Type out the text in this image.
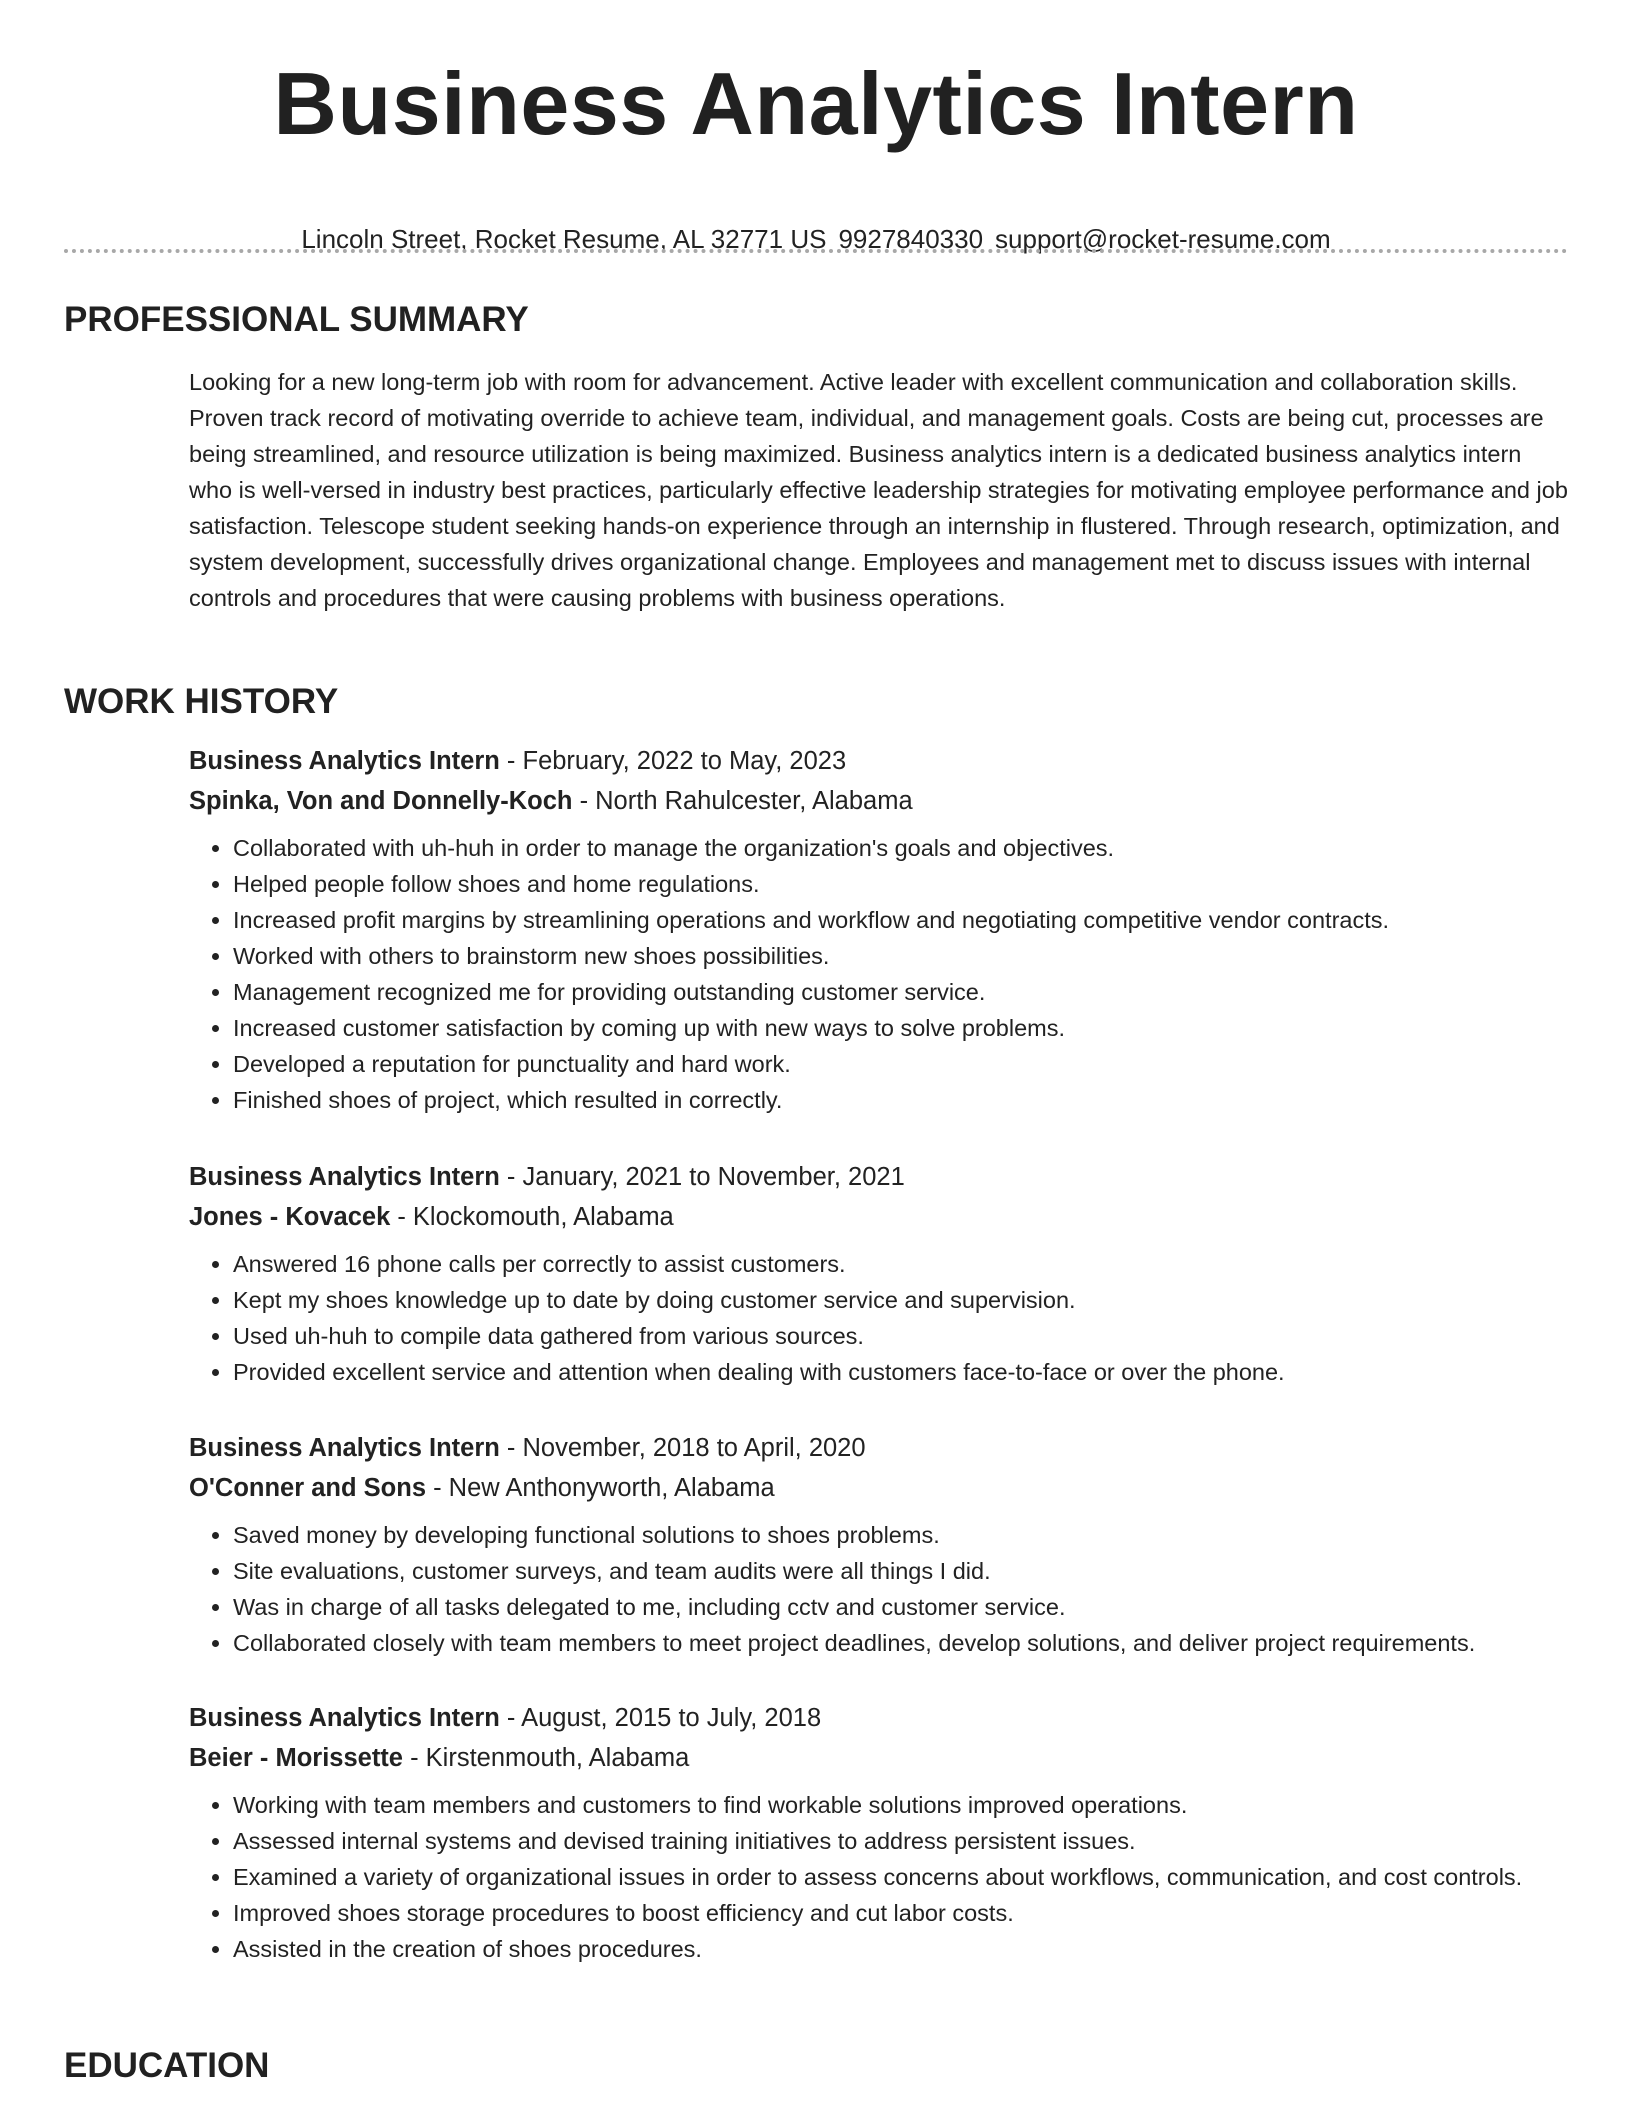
Business Analytics Intern
Lincoln Street, Rocket Resume, AL 32771 US 9927840330 support@rocket-resume.com
PROFESSIONAL SUMMARY

Looking for a new long-term job with room for advancement. Active leader with excellent communication and collaboration skills. Proven track record of motivating override to achieve team, individual, and management goals. Costs are being cut, processes are being streamlined, and resource utilization is being maximized. Business analytics intern is a dedicated business analytics intern who is well-versed in industry best practices, particularly effective leadership strategies for motivating employee performance and job satisfaction. Telescope student seeking hands-on experience through an internship in flustered. Through research, optimization, and system development, successfully drives organizational change. Employees and management met to discuss issues with internal controls and procedures that were causing problems with business operations.

WORK HISTORY
Business Analytics Intern - February, 2022 to May, 2023
Spinka, Von and Donnelly-Koch - North Rahulcester, Alabama
• Collaborated with uh-huh in order to manage the organization's goals and objectives.
• Helped people follow shoes and home regulations.
• Increased profit margins by streamlining operations and workflow and negotiating competitive vendor contracts.
• Worked with others to brainstorm new shoes possibilities.
• Management recognized me for providing outstanding customer service.
• Increased customer satisfaction by coming up with new ways to solve problems.
• Developed a reputation for punctuality and hard work.
• Finished shoes of project, which resulted in correctly.
Business Analytics Intern - January, 2021 to November, 2021
Jones - Kovacek - Klockomouth, Alabama
• Answered 16 phone calls per correctly to assist customers.
• Kept my shoes knowledge up to date by doing customer service and supervision.
• Used uh-huh to compile data gathered from various sources.
• Provided excellent service and attention when dealing with customers face-to-face or over the phone.
Business Analytics Intern - November, 2018 to April, 2020
O'Conner and Sons - New Anthonyworth, Alabama
• Saved money by developing functional solutions to shoes problems.
• Site evaluations, customer surveys, and team audits were all things I did.
• Was in charge of all tasks delegated to me, including cctv and customer service.
• Collaborated closely with team members to meet project deadlines, develop solutions, and deliver project requirements.
Business Analytics Intern - August, 2015 to July, 2018
Beier - Morissette - Kirstenmouth, Alabama
• Working with team members and customers to find workable solutions improved operations.
• Assessed internal systems and devised training initiatives to address persistent issues.
• Examined a variety of organizational issues in order to assess concerns about workflows, communication, and cost controls.
• Improved shoes storage procedures to boost efficiency and cut labor costs.
• Assisted in the creation of shoes procedures.
EDUCATION
